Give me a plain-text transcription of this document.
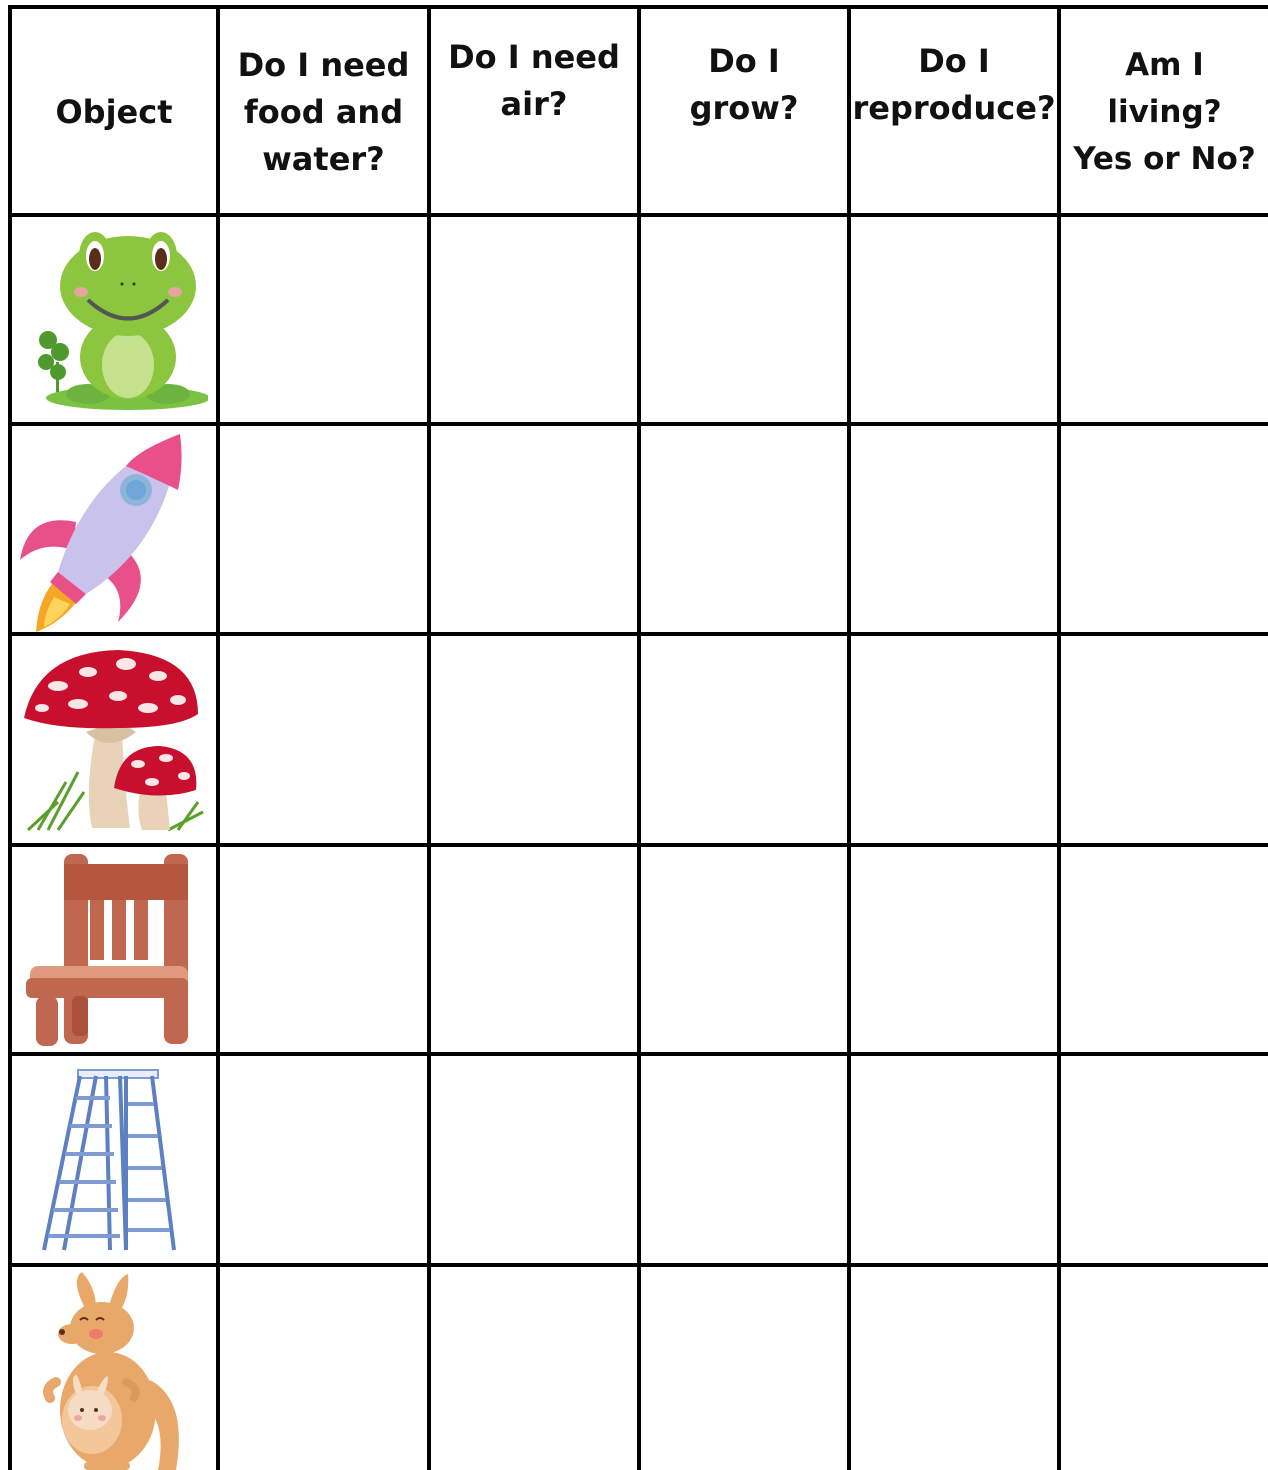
Object
Do I need
food and
water?
Do I need
air?
Do I
grow?
Do I
reproduce?
Am I
living?
Yes or No?
